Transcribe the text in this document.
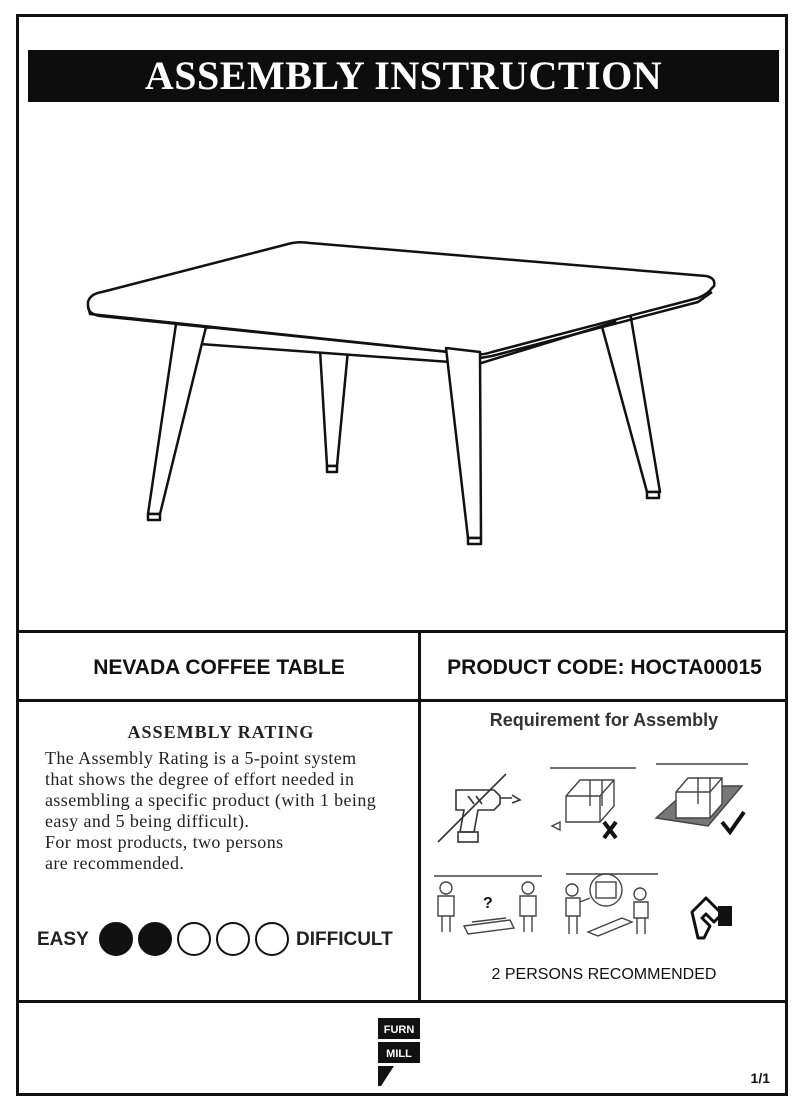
ASSEMBLY INSTRUCTION
NEVADA COFFEE TABLE	PRODUCT CODE: HOCTA00015
ASSEMBLY RATING

The Assembly Rating is a 5-point system that shows the degree of effort needed in assembling a specific product (with 1 being easy and 5 being difficult).

For most products, two persons are recommended.

EASY	DIFFICULT
Requirement for Assembly
?
2 PERSONS RECOMMENDED
FURN
MILL
1/1
